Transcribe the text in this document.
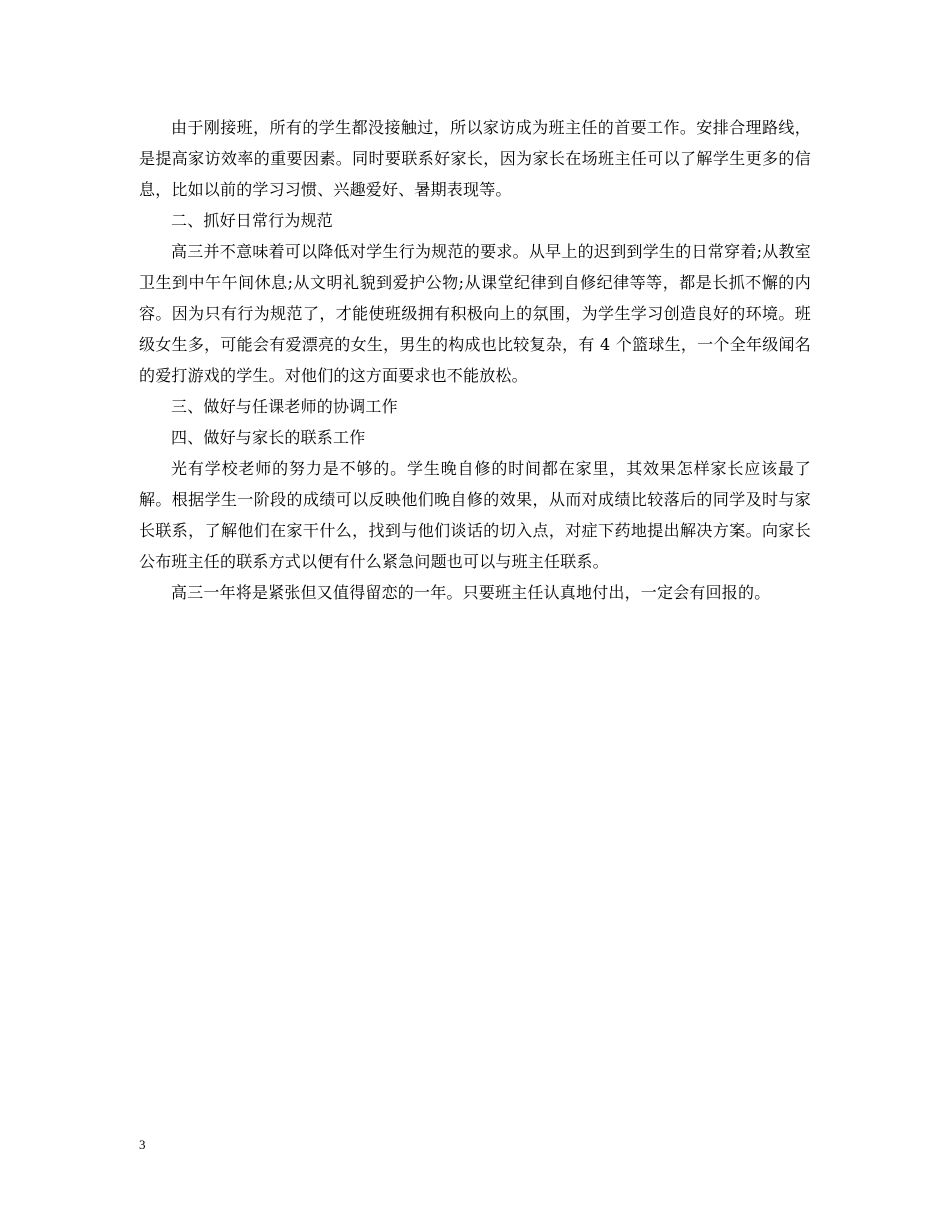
由于刚接班，所有的学生都没接触过，所以家访成为班主任的首要工作。安排合理路线，是提高家访效率的重要因素。同时要联系好家长，因为家长在场班主任可以了解学生更多的信息，比如以前的学习习惯、兴趣爱好、暑期表现等。

二、抓好日常行为规范

高三并不意味着可以降低对学生行为规范的要求。从早上的迟到到学生的日常穿着;从教室卫生到中午午间休息;从文明礼貌到爱护公物;从课堂纪律到自修纪律等等，都是长抓不懈的内容。因为只有行为规范了，才能使班级拥有积极向上的氛围，为学生学习创造良好的环境。班级女生多，可能会有爱漂亮的女生，男生的构成也比较复杂，有 4 个篮球生，一个全年级闻名的爱打游戏的学生。对他们的这方面要求也不能放松。

三、做好与任课老师的协调工作

四、做好与家长的联系工作

光有学校老师的努力是不够的。学生晚自修的时间都在家里，其效果怎样家长应该最了解。根据学生一阶段的成绩可以反映他们晚自修的效果，从而对成绩比较落后的同学及时与家长联系，了解他们在家干什么，找到与他们谈话的切入点，对症下药地提出解决方案。向家长公布班主任的联系方式以便有什么紧急问题也可以与班主任联系。

高三一年将是紧张但又值得留恋的一年。只要班主任认真地付出，一定会有回报的。

3
